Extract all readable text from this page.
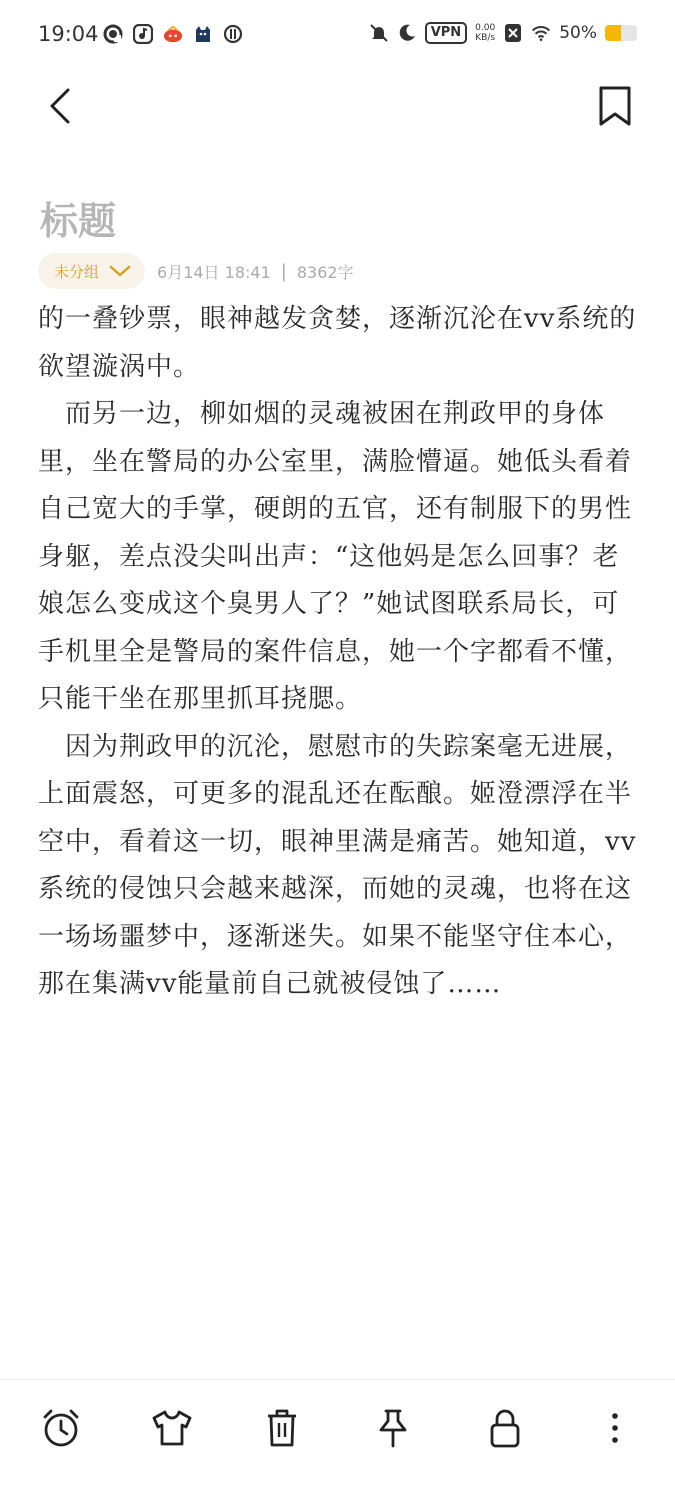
19:04	VPN	0.00
KB/s	50%
标题
未分组	6月14日 18:41 | 8362字

的一叠钞票，眼神越发贪婪，逐渐沉沦在vv系统的欲望漩涡中。

　而另一边，柳如烟的灵魂被困在荆政甲的身体里，坐在警局的办公室里，满脸懵逼。她低头看着自己宽大的手掌，硬朗的五官，还有制服下的男性身躯，差点没尖叫出声：“这他妈是怎么回事？老娘怎么变成这个臭男人了？”她试图联系局长，可手机里全是警局的案件信息，她一个字都看不懂，只能干坐在那里抓耳挠腮。

　因为荆政甲的沉沦，慰慰市的失踪案毫无进展，上面震怒，可更多的混乱还在酝酿。姬澄漂浮在半空中，看着这一切，眼神里满是痛苦。她知道，vv系统的侵蚀只会越来越深，而她的灵魂，也将在这一场场噩梦中，逐渐迷失。如果不能坚守住本心，那在集满vv能量前自己就被侵蚀了……
